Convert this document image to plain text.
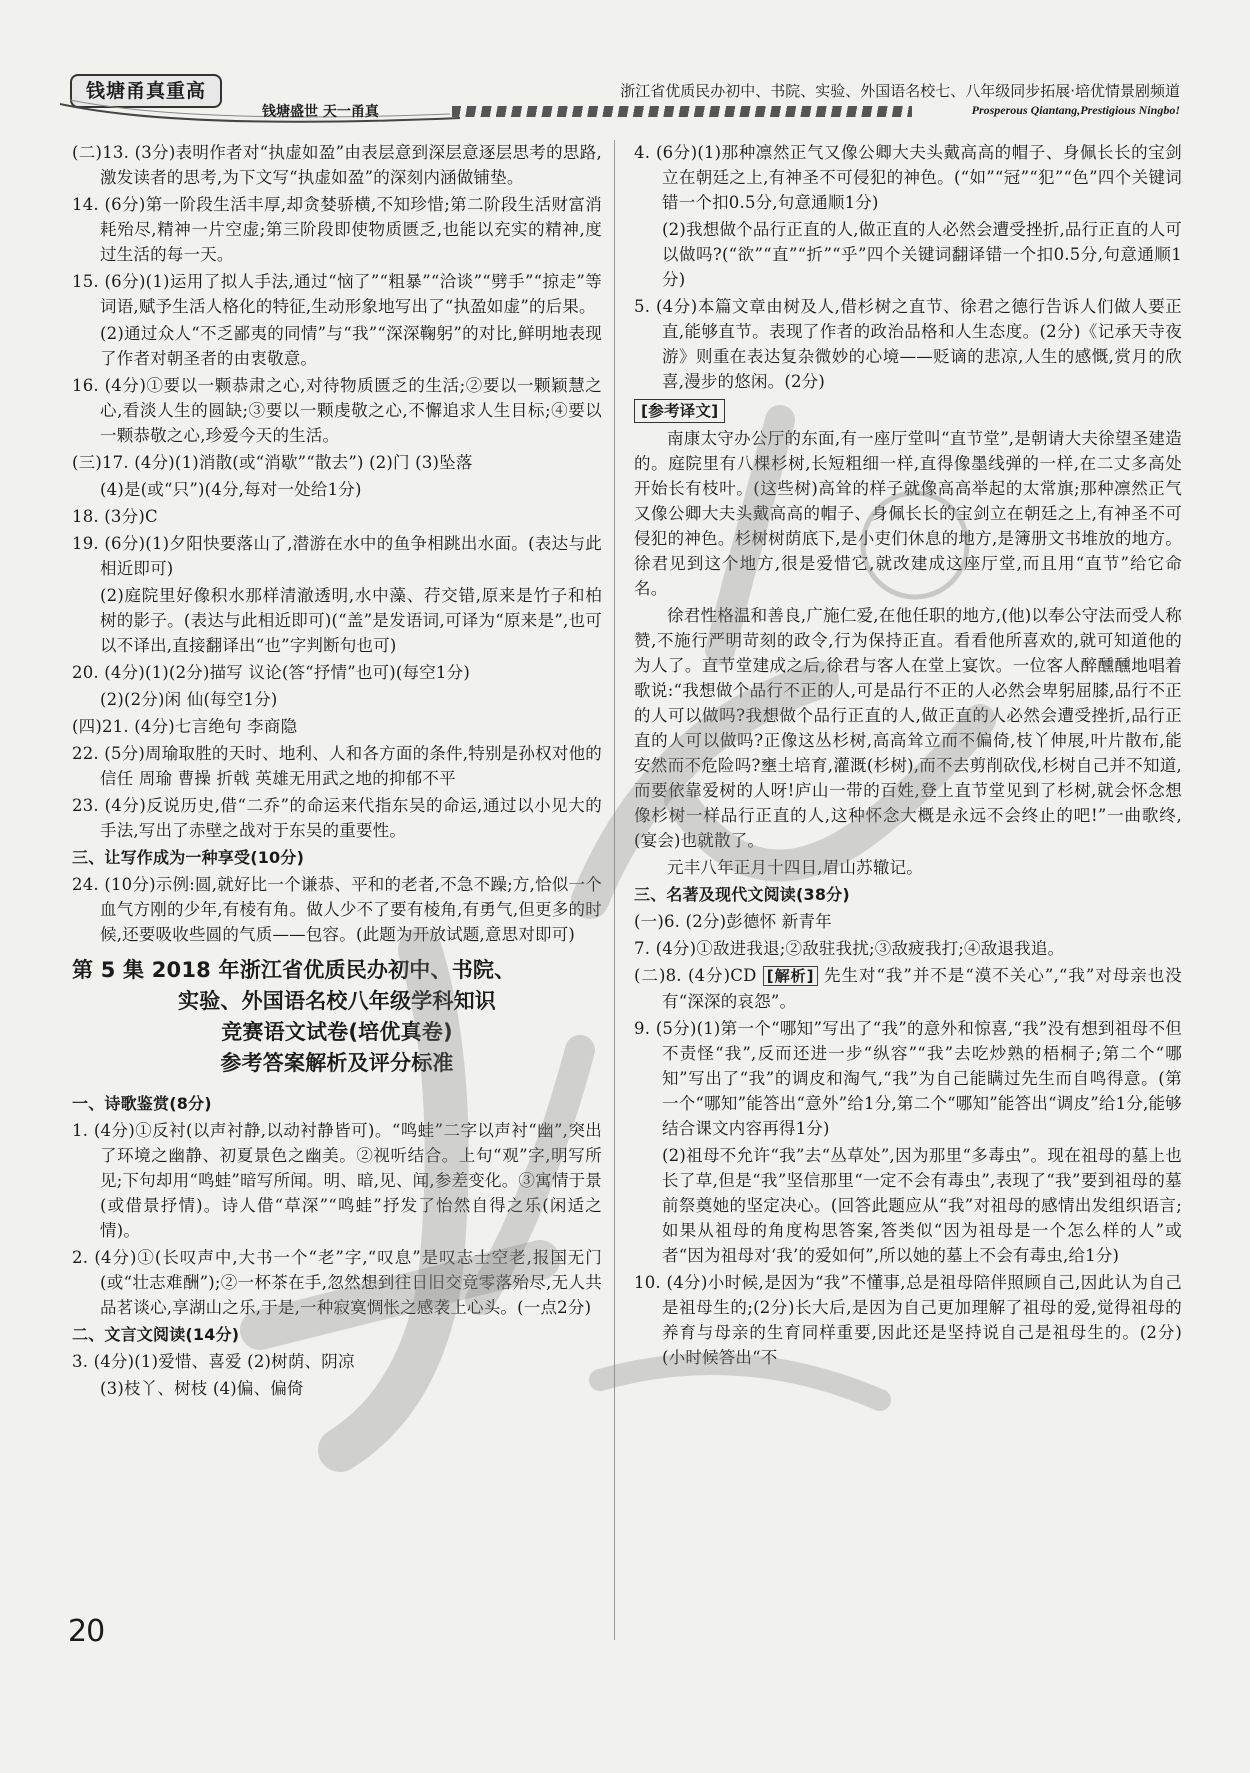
钱塘甬真重高
钱塘盛世 天一甬真
浙江省优质民办初中、书院、实验、外国语名校七、八年级同步拓展·培优情景剧频道
Prosperous Qiantang,Prestigious Ningbo!

(二)13. (3分)表明作者对“执虚如盈”由表层意到深层意逐层思考的思路,激发读者的思考,为下文写“执虚如盈”的深刻内涵做铺垫。

14. (6分)第一阶段生活丰厚,却贪婪骄横,不知珍惜;第二阶段生活财富消耗殆尽,精神一片空虚;第三阶段即使物质匮乏,也能以充实的精神,度过生活的每一天。

15. (6分)(1)运用了拟人手法,通过“恼了”“粗暴”“洽谈”“劈手”“掠走”等词语,赋予生活人格化的特征,生动形象地写出了“执盈如虚”的后果。

(2)通过众人“不乏鄙夷的同情”与“我”“深深鞠躬”的对比,鲜明地表现了作者对朝圣者的由衷敬意。

16. (4分)①要以一颗恭肃之心,对待物质匮乏的生活;②要以一颗颖慧之心,看淡人生的圆缺;③要以一颗虔敬之心,不懈追求人生目标;④要以一颗恭敬之心,珍爱今天的生活。

(三)17. (4分)(1)消散(或“消歇”“散去”) (2)门 (3)坠落

(4)是(或“只”)(4分,每对一处给1分)

18. (3分)C

19. (6分)(1)夕阳快要落山了,潜游在水中的鱼争相跳出水面。(表达与此相近即可)

(2)庭院里好像积水那样清澈透明,水中藻、荇交错,原来是竹子和柏树的影子。(表达与此相近即可)(“盖”是发语词,可译为“原来是”,也可以不译出,直接翻译出“也”字判断句也可)

20. (4分)(1)(2分)描写 议论(答“抒情”也可)(每空1分)

(2)(2分)闲 仙(每空1分)

(四)21. (4分)七言绝句 李商隐

22. (5分)周瑜取胜的天时、地利、人和各方面的条件,特别是孙权对他的信任 周瑜 曹操 折戟 英雄无用武之地的抑郁不平

23. (4分)反说历史,借“二乔”的命运来代指东吴的命运,通过以小见大的手法,写出了赤壁之战对于东吴的重要性。

三、让写作成为一种享受(10分)

24. (10分)示例:圆,就好比一个谦恭、平和的老者,不急不躁;方,恰似一个血气方刚的少年,有棱有角。做人少不了要有棱角,有勇气,但更多的时候,还要吸收些圆的气质——包容。(此题为开放试题,意思对即可)

第 5 集 2018 年浙江省优质民办初中、书院、
实验、外国语名校八年级学科知识
竞赛语文试卷(培优真卷)
参考答案解析及评分标准
一、诗歌鉴赏(8分)

1. (4分)①反衬(以声衬静,以动衬静皆可)。“鸣蛙”二字以声衬“幽”,突出了环境之幽静、初夏景色之幽美。②视听结合。上句“观”字,明写所见;下句却用“鸣蛙”暗写所闻。明、暗,见、闻,参差变化。③寓情于景(或借景抒情)。诗人借“草深”“鸣蛙”抒发了怡然自得之乐(闲适之情)。

2. (4分)①(长叹声中,大书一个“老”字,“叹息”是叹志士空老,报国无门(或“壮志难酬”);②一杯茶在手,忽然想到往日旧交竟零落殆尽,无人共品茗谈心,享湖山之乐,于是,一种寂寞惆怅之感袭上心头。(一点2分)

二、文言文阅读(14分)

3. (4分)(1)爱惜、喜爱 (2)树荫、阴凉

(3)枝丫、树枝 (4)偏、偏倚

4. (6分)(1)那种凛然正气又像公卿大夫头戴高高的帽子、身佩长长的宝剑立在朝廷之上,有神圣不可侵犯的神色。(“如”“冠”“犯”“色”四个关键词错一个扣0.5分,句意通顺1分)

(2)我想做个品行正直的人,做正直的人必然会遭受挫折,品行正直的人可以做吗?(“欲”“直”“折”“乎”四个关键词翻译错一个扣0.5分,句意通顺1分)

5. (4分)本篇文章由树及人,借杉树之直节、徐君之德行告诉人们做人要正直,能够直节。表现了作者的政治品格和人生态度。(2分)《记承天寺夜游》则重在表达复杂微妙的心境——贬谪的悲凉,人生的感慨,赏月的欣喜,漫步的悠闲。(2分)

[参考译文]

南康太守办公厅的东面,有一座厅堂叫“直节堂”,是朝请大夫徐望圣建造的。庭院里有八棵杉树,长短粗细一样,直得像墨线弹的一样,在二丈多高处开始长有枝叶。(这些树)高耸的样子就像高高举起的太常旗;那种凛然正气又像公卿大夫头戴高高的帽子、身佩长长的宝剑立在朝廷之上,有神圣不可侵犯的神色。杉树树荫底下,是小吏们休息的地方,是簿册文书堆放的地方。徐君见到这个地方,很是爱惜它,就改建成这座厅堂,而且用“直节”给它命名。

徐君性格温和善良,广施仁爱,在他任职的地方,(他)以奉公守法而受人称赞,不施行严明苛刻的政令,行为保持正直。看看他所喜欢的,就可知道他的为人了。直节堂建成之后,徐君与客人在堂上宴饮。一位客人醉醺醺地唱着歌说:“我想做个品行不正的人,可是品行不正的人必然会卑躬屈膝,品行不正的人可以做吗?我想做个品行正直的人,做正直的人必然会遭受挫折,品行正直的人可以做吗?正像这丛杉树,高高耸立而不偏倚,枝丫伸展,叶片散布,能安然而不危险吗?壅土培育,灌溉(杉树),而不去剪削砍伐,杉树自己并不知道,而要依靠爱树的人呀!庐山一带的百姓,登上直节堂见到了杉树,就会怀念想像杉树一样品行正直的人,这种怀念大概是永远不会终止的吧!”一曲歌终,(宴会)也就散了。

元丰八年正月十四日,眉山苏辙记。

三、名著及现代文阅读(38分)

(一)6. (2分)彭德怀 新青年

7. (4分)①敌进我退;②敌驻我扰;③敌疲我打;④敌退我追。

(二)8. (4分)CD [解析] 先生对“我”并不是“漠不关心”,“我”对母亲也没有“深深的哀怨”。

9. (5分)(1)第一个“哪知”写出了“我”的意外和惊喜,“我”没有想到祖母不但不责怪“我”,反而还进一步“纵容”“我”去吃炒熟的梧桐子;第二个“哪知”写出了“我”的调皮和淘气,“我”为自己能瞒过先生而自鸣得意。(第一个“哪知”能答出“意外”给1分,第二个“哪知”能答出“调皮”给1分,能够结合课文内容再得1分)

(2)祖母不允许“我”去“丛草处”,因为那里“多毒虫”。现在祖母的墓上也长了草,但是“我”坚信那里“一定不会有毒虫”,表现了“我”要到祖母的墓前祭奠她的坚定决心。(回答此题应从“我”对祖母的感情出发组织语言;如果从祖母的角度构思答案,答类似“因为祖母是一个怎么样的人”或者“因为祖母对‘我’的爱如何”,所以她的墓上不会有毒虫,给1分)

10. (4分)小时候,是因为“我”不懂事,总是祖母陪伴照顾自己,因此认为自己是祖母生的;(2分)长大后,是因为自己更加理解了祖母的爱,觉得祖母的养育与母亲的生育同样重要,因此还是坚持说自己是祖母生的。(2分)(小时候答出“不

20
